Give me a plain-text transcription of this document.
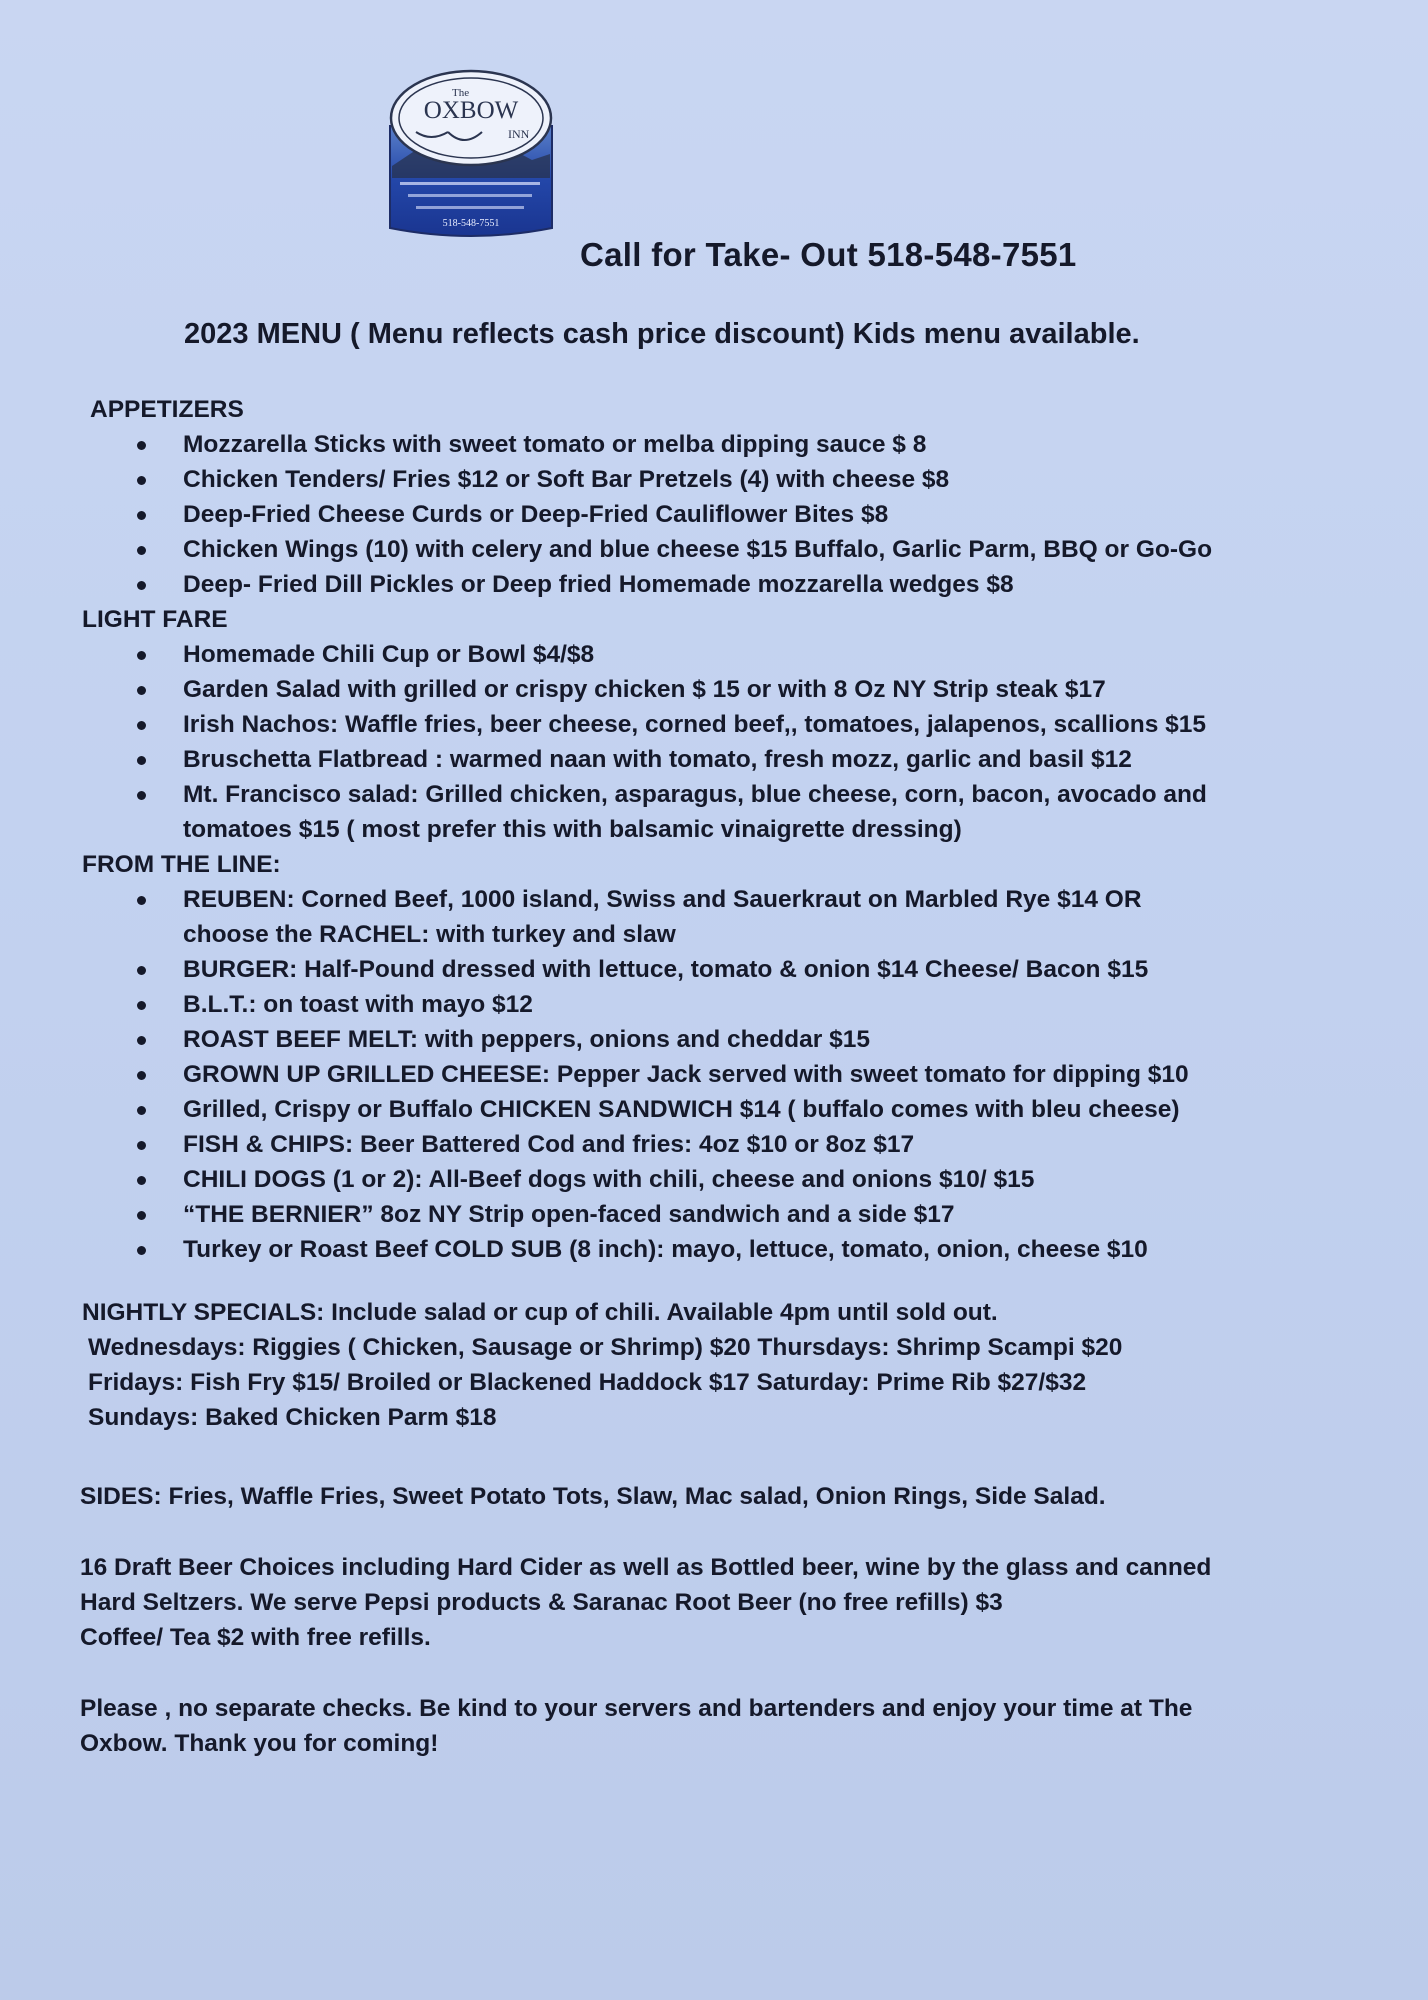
518-548-7551
The
OXBOW
INN
Call for Take- Out 518-548-7551
2023 MENU ( Menu reflects cash price discount) Kids menu available.
APPETIZERS
Mozzarella Sticks with sweet tomato or melba dipping sauce $ 8
Chicken Tenders/ Fries $12 or Soft Bar Pretzels (4) with cheese $8
Deep-Fried Cheese Curds or Deep-Fried Cauliflower Bites $8
Chicken Wings (10) with celery and blue cheese $15 Buffalo, Garlic Parm, BBQ or Go-Go
Deep- Fried Dill Pickles or Deep fried Homemade mozzarella wedges $8
LIGHT FARE
Homemade Chili Cup or Bowl $4/$8
Garden Salad with grilled or crispy chicken $ 15 or with 8 Oz NY Strip steak $17
Irish Nachos: Waffle fries, beer cheese, corned beef,, tomatoes, jalapenos, scallions $15
Bruschetta Flatbread : warmed naan with tomato, fresh mozz, garlic and basil $12
Mt. Francisco salad: Grilled chicken, asparagus, blue cheese, corn, bacon, avocado and tomatoes $15 ( most prefer this with balsamic vinaigrette dressing)
FROM THE LINE:
REUBEN: Corned Beef, 1000 island, Swiss and Sauerkraut on Marbled Rye $14 OR choose the RACHEL: with turkey and slaw
BURGER: Half-Pound dressed with lettuce, tomato & onion $14 Cheese/ Bacon $15
B.L.T.: on toast with mayo $12
ROAST BEEF MELT: with peppers, onions and cheddar $15
GROWN UP GRILLED CHEESE: Pepper Jack served with sweet tomato for dipping $10
Grilled, Crispy or Buffalo CHICKEN SANDWICH $14 ( buffalo comes with bleu cheese)
FISH & CHIPS: Beer Battered Cod and fries: 4oz $10 or 8oz $17
CHILI DOGS (1 or 2): All-Beef dogs with chili, cheese and onions $10/ $15
“THE BERNIER” 8oz NY Strip open-faced sandwich and a side $17
Turkey or Roast Beef COLD SUB (8 inch): mayo, lettuce, tomato, onion, cheese $10
NIGHTLY SPECIALS: Include salad or cup of chili. Available 4pm until sold out.
Wednesdays: Riggies ( Chicken, Sausage or Shrimp) $20 Thursdays: Shrimp Scampi $20
Fridays: Fish Fry $15/ Broiled or Blackened Haddock $17 Saturday: Prime Rib $27/$32
Sundays: Baked Chicken Parm $18
SIDES: Fries, Waffle Fries, Sweet Potato Tots, Slaw, Mac salad, Onion Rings, Side Salad.
16 Draft Beer Choices including Hard Cider as well as Bottled beer, wine by the glass and canned
Hard Seltzers. We serve Pepsi products & Saranac Root Beer (no free refills) $3
Coffee/ Tea $2 with free refills.
Please , no separate checks. Be kind to your servers and bartenders and enjoy your time at The
Oxbow. Thank you for coming!
